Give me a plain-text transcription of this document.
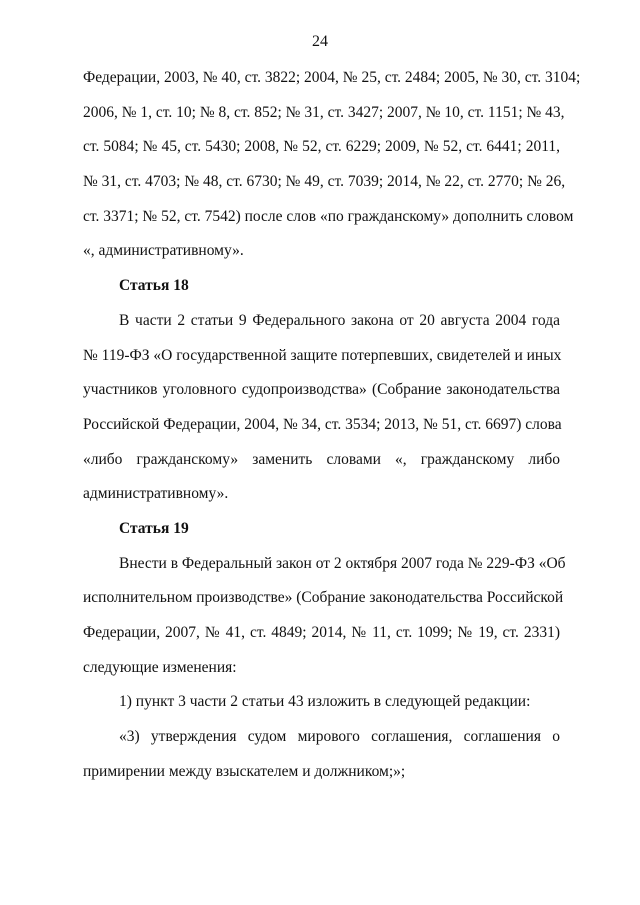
24
Федерации, 2003, № 40, ст. 3822; 2004, № 25, ст. 2484; 2005, № 30, ст. 3104;
2006, № 1, ст. 10; № 8, ст. 852; № 31, ст. 3427; 2007, № 10, ст. 1151; № 43,
ст. 5084; № 45, ст. 5430; 2008, № 52, ст. 6229; 2009, № 52, ст. 6441; 2011,
№ 31, ст. 4703; № 48, ст. 6730; № 49, ст. 7039; 2014, № 22, ст. 2770; № 26,
ст. 3371; № 52, ст. 7542) после слов «по гражданскому» дополнить словом
«, административному».
Статья 18
В части 2 статьи 9 Федерального закона от 20 августа 2004 года
№ 119-ФЗ «О государственной защите потерпевших, свидетелей и иных
участников уголовного судопроизводства» (Собрание законодательства
Российской Федерации, 2004, № 34, ст. 3534; 2013, № 51, ст. 6697) слова
«либо гражданскому» заменить словами «, гражданскому либо
административному».
Статья 19
Внести в Федеральный закон от 2 октября 2007 года № 229-ФЗ «Об
исполнительном производстве» (Собрание законодательства Российской
Федерации, 2007, № 41, ст. 4849; 2014, № 11, ст. 1099; № 19, ст. 2331)
следующие изменения:
1) пункт 3 части 2 статьи 43 изложить в следующей редакции:
«3) утверждения судом мирового соглашения, соглашения о
примирении между взыскателем и должником;»;
